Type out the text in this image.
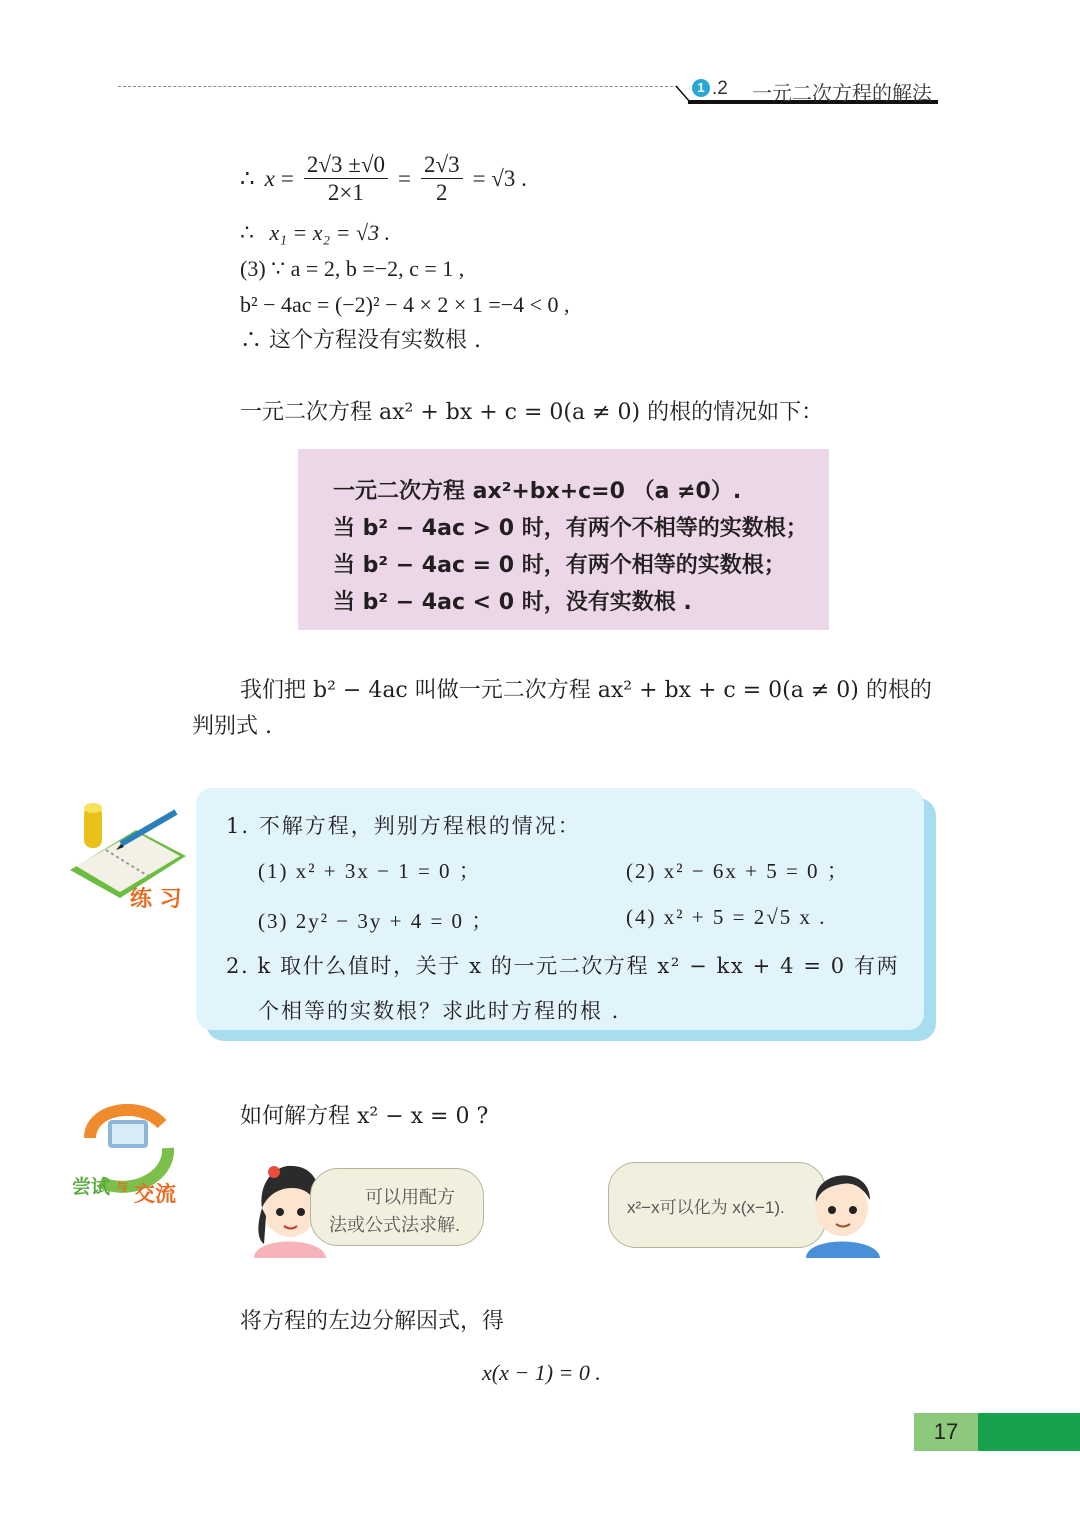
1 .2 一元二次方程的解法
∴ $x = \frac{2√3 \pm√0}{2\times 1} = \frac{2√3}{2} = √3$ .
∴ x₁ = x₂ = √3 .
(3) ∵ a = 2, b =−2, c = 1 ,
b² − 4ac = (−2)² − 4 × 2 × 1 =−4 < 0 ,
∴ 这个方程没有实数根 .
一元二次方程 ax² + bx + c = 0(a ≠ 0) 的根的情况如下：
一元二次方程 ax²+bx+c=0 （a ≠0）.
当 b² − 4ac > 0 时，有两个不相等的实数根；
当 b² − 4ac = 0 时，有两个相等的实数根；
当 b² − 4ac < 0 时，没有实数根 .
我们把 b² − 4ac 叫做一元二次方程 ax² + bx + c = 0(a ≠ 0) 的根的
判别式 .
练 习
1. 不解方程，判别方程根的情况：
(1) x² + 3x − 1 = 0 ；	(2) x² − 6x + 5 = 0 ；
(3) 2y² − 3y + 4 = 0 ；	(4) x² + 5 = 2√5 x .
2. k 取什么值时，关于 x 的一元二次方程 x² − kx + 4 = 0 有两
个相等的实数根？求此时方程的根 .
尝试 与 交流
如何解方程 x² − x = 0 ?
可以用配方
法或公式法求解.
x²−x可以化为 x(x−1).
将方程的左边分解因式，得
x(x − 1) = 0 .
17
